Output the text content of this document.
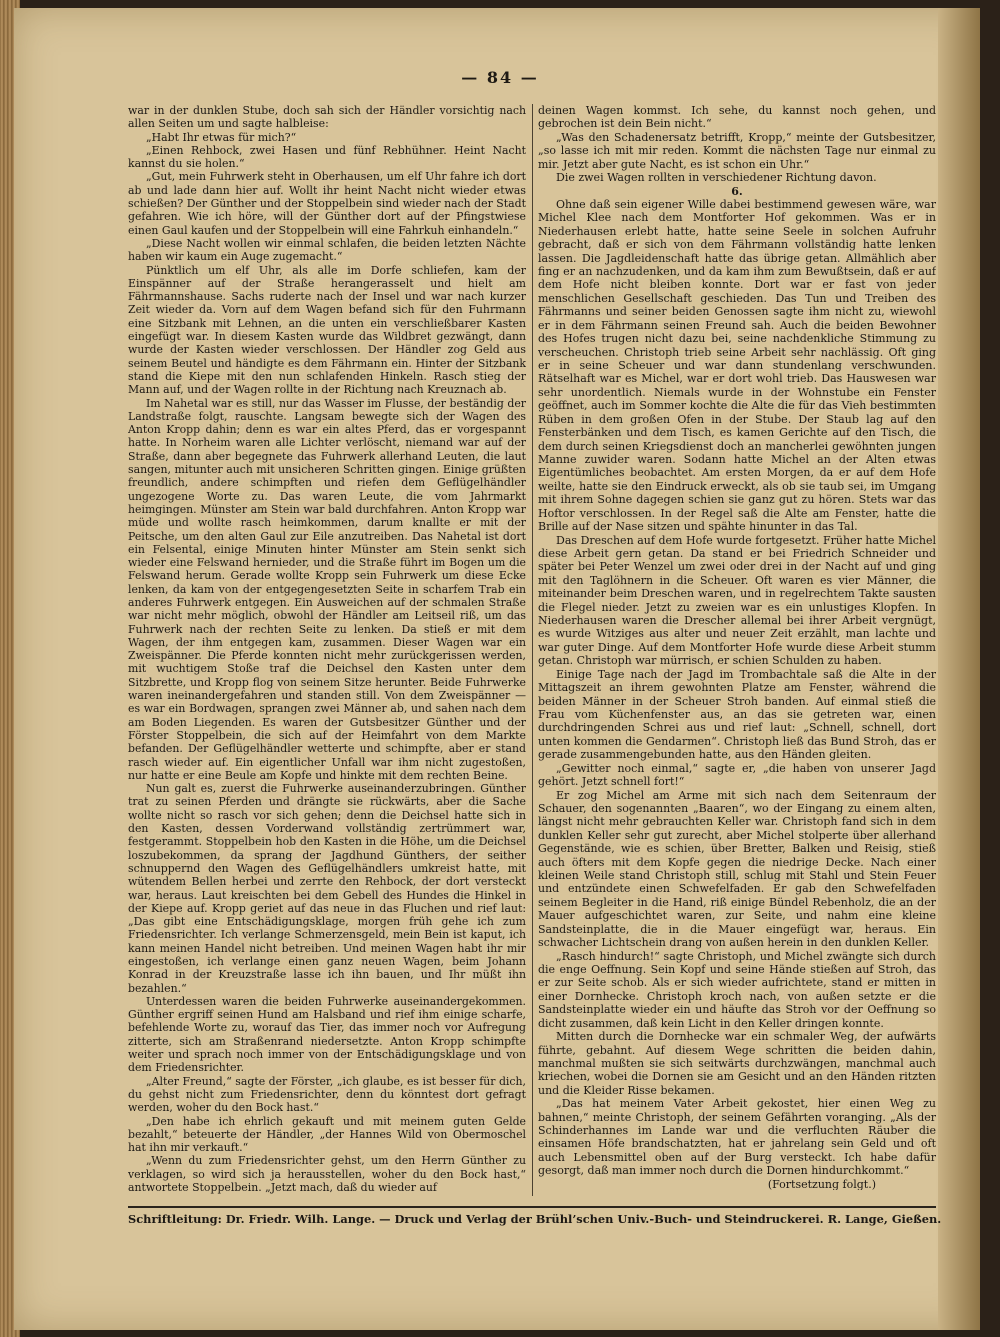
— 84 —

war in der dunklen Stube, doch sah sich der Händler vorsichtig nach allen Seiten um und sagte halbleise:

„Habt Ihr etwas für mich?“

„Einen Rehbock, zwei Hasen und fünf Rebhühner. Heint Nacht kannst du sie holen.“

„Gut, mein Fuhrwerk steht in Oberhausen, um elf Uhr fahre ich dort ab und lade dann hier auf. Wollt ihr heint Nacht nicht wieder etwas schießen? Der Günther und der Stoppelbein sind wieder nach der Stadt gefahren. Wie ich höre, will der Günther dort auf der Pfingstwiese einen Gaul kaufen und der Stoppelbein will eine Fahrkuh einhandeln.“

„Diese Nacht wollen wir einmal schlafen, die beiden letzten Nächte haben wir kaum ein Auge zugemacht.“

Pünktlich um elf Uhr, als alle im Dorfe schliefen, kam der Einspänner auf der Straße herangerasselt und hielt am Fährmannshause. Sachs ruderte nach der Insel und war nach kurzer Zeit wieder da. Vorn auf dem Wagen befand sich für den Fuhrmann eine Sitzbank mit Lehnen, an die unten ein verschließbarer Kasten eingefügt war. In diesem Kasten wurde das Wildbret gezwängt, dann wurde der Kasten wieder verschlossen. Der Händler zog Geld aus seinem Beutel und händigte es dem Fährmann ein. Hinter der Sitzbank stand die Kiepe mit den nun schlafenden Hinkeln. Rasch stieg der Mann auf, und der Wagen rollte in der Richtung nach Kreuznach ab.

Im Nahetal war es still, nur das Wasser im Flusse, der beständig der Landstraße folgt, rauschte. Langsam bewegte sich der Wagen des Anton Kropp dahin; denn es war ein altes Pferd, das er vorgespannt hatte. In Norheim waren alle Lichter verlöscht, niemand war auf der Straße, dann aber begegnete das Fuhrwerk allerhand Leuten, die laut sangen, mitunter auch mit unsicheren Schritten gingen. Einige grüßten freundlich, andere schimpften und riefen dem Geflügelhändler ungezogene Worte zu. Das waren Leute, die vom Jahrmarkt heimgingen. Münster am Stein war bald durchfahren. Anton Kropp war müde und wollte rasch heimkommen, darum knallte er mit der Peitsche, um den alten Gaul zur Eile anzutreiben. Das Nahetal ist dort ein Felsental, einige Minuten hinter Münster am Stein senkt sich wieder eine Felswand hernieder, und die Straße führt im Bogen um die Felswand herum. Gerade wollte Kropp sein Fuhrwerk um diese Ecke lenken, da kam von der entgegengesetzten Seite in scharfem Trab ein anderes Fuhrwerk entgegen. Ein Ausweichen auf der schmalen Straße war nicht mehr möglich, obwohl der Händler am Leitseil riß, um das Fuhrwerk nach der rechten Seite zu lenken. Da stieß er mit dem Wagen, der ihm entgegen kam, zusammen. Dieser Wagen war ein Zweispänner. Die Pferde konnten nicht mehr zurückgerissen werden, mit wuchtigem Stoße traf die Deichsel den Kasten unter dem Sitzbrette, und Kropp flog von seinem Sitze herunter. Beide Fuhrwerke waren ineinandergefahren und standen still. Von dem Zweispänner — es war ein Bordwagen, sprangen zwei Männer ab, und sahen nach dem am Boden Liegenden. Es waren der Gutsbesitzer Günther und der Förster Stoppelbein, die sich auf der Heimfahrt von dem Markte befanden. Der Geflügelhändler wetterte und schimpfte, aber er stand rasch wieder auf. Ein eigentlicher Unfall war ihm nicht zugestoßen, nur hatte er eine Beule am Kopfe und hinkte mit dem rechten Beine.

Nun galt es, zuerst die Fuhrwerke auseinanderzubringen. Günther trat zu seinen Pferden und drängte sie rückwärts, aber die Sache wollte nicht so rasch vor sich gehen; denn die Deichsel hatte sich in den Kasten, dessen Vorderwand vollständig zertrümmert war, festgerammt. Stoppelbein hob den Kasten in die Höhe, um die Deichsel loszubekommen, da sprang der Jagdhund Günthers, der seither schnuppernd den Wagen des Geflügelhändlers umkreist hatte, mit wütendem Bellen herbei und zerrte den Rehbock, der dort versteckt war, heraus. Laut kreischten bei dem Gebell des Hundes die Hinkel in der Kiepe auf. Kropp geriet auf das neue in das Fluchen und rief laut: „Das gibt eine Entschädigungsklage, morgen früh gehe ich zum Friedensrichter. Ich verlange Schmerzensgeld, mein Bein ist kaput, ich kann meinen Handel nicht betreiben. Und meinen Wagen habt ihr mir eingestoßen, ich verlange einen ganz neuen Wagen, beim Johann Konrad in der Kreuzstraße lasse ich ihn bauen, und Ihr müßt ihn bezahlen.“

Unterdessen waren die beiden Fuhrwerke auseinandergekommen. Günther ergriff seinen Hund am Halsband und rief ihm einige scharfe, befehlende Worte zu, worauf das Tier, das immer noch vor Aufregung zitterte, sich am Straßenrand niedersetzte. Anton Kropp schimpfte weiter und sprach noch immer von der Entschädigungsklage und von dem Friedensrichter.

„Alter Freund,“ sagte der Förster, „ich glaube, es ist besser für dich, du gehst nicht zum Friedensrichter, denn du könntest dort gefragt werden, woher du den Bock hast.“

„Den habe ich ehrlich gekauft und mit meinem guten Gelde bezahlt,“ beteuerte der Händler, „der Hannes Wild von Obermoschel hat ihn mir verkauft.“

„Wenn du zum Friedensrichter gehst, um den Herrn Günther zu verklagen, so wird sich ja herausstellen, woher du den Bock hast,“ antwortete Stoppelbein. „Jetzt mach, daß du wieder auf

deinen Wagen kommst. Ich sehe, du kannst noch gehen, und gebrochen ist dein Bein nicht.“

„Was den Schadenersatz betrifft, Kropp,“ meinte der Gutsbesitzer, „so lasse ich mit mir reden. Kommt die nächsten Tage nur einmal zu mir. Jetzt aber gute Nacht, es ist schon ein Uhr.“

Die zwei Wagen rollten in verschiedener Richtung davon.

6.

Ohne daß sein eigener Wille dabei bestimmend gewesen wäre, war Michel Klee nach dem Montforter Hof gekommen. Was er in Niederhausen erlebt hatte, hatte seine Seele in solchen Aufruhr gebracht, daß er sich von dem Fährmann vollständig hatte lenken lassen. Die Jagdleidenschaft hatte das übrige getan. Allmählich aber fing er an nachzudenken, und da kam ihm zum Bewußtsein, daß er auf dem Hofe nicht bleiben konnte. Dort war er fast von jeder menschlichen Gesellschaft geschieden. Das Tun und Treiben des Fährmanns und seiner beiden Genossen sagte ihm nicht zu, wiewohl er in dem Fährmann seinen Freund sah. Auch die beiden Bewohner des Hofes trugen nicht dazu bei, seine nachdenkliche Stimmung zu verscheuchen. Christoph trieb seine Arbeit sehr nachlässig. Oft ging er in seine Scheuer und war dann stundenlang verschwunden. Rätselhaft war es Michel, war er dort wohl trieb. Das Hauswesen war sehr unordentlich. Niemals wurde in der Wohnstube ein Fenster geöffnet, auch im Sommer kochte die Alte die für das Vieh bestimmten Rüben in dem großen Ofen in der Stube. Der Staub lag auf den Fensterbänken und dem Tisch, es kamen Gerichte auf den Tisch, die dem durch seinen Kriegsdienst doch an mancherlei gewöhnten jungen Manne zuwider waren. Sodann hatte Michel an der Alten etwas Eigentümliches beobachtet. Am ersten Morgen, da er auf dem Hofe weilte, hatte sie den Eindruck erweckt, als ob sie taub sei, im Umgang mit ihrem Sohne dagegen schien sie ganz gut zu hören. Stets war das Hoftor verschlossen. In der Regel saß die Alte am Fenster, hatte die Brille auf der Nase sitzen und spähte hinunter in das Tal.

Das Dreschen auf dem Hofe wurde fortgesetzt. Früher hatte Michel diese Arbeit gern getan. Da stand er bei Friedrich Schneider und später bei Peter Wenzel um zwei oder drei in der Nacht auf und ging mit den Taglöhnern in die Scheuer. Oft waren es vier Männer, die miteinander beim Dreschen waren, und in regelrechtem Takte sausten die Flegel nieder. Jetzt zu zweien war es ein unlustiges Klopfen. In Niederhausen waren die Drescher allemal bei ihrer Arbeit vergnügt, es wurde Witziges aus alter und neuer Zeit erzählt, man lachte und war guter Dinge. Auf dem Montforter Hofe wurde diese Arbeit stumm getan. Christoph war mürrisch, er schien Schulden zu haben.

Einige Tage nach der Jagd im Trombachtale saß die Alte in der Mittagszeit an ihrem gewohnten Platze am Fenster, während die beiden Männer in der Scheuer Stroh banden. Auf einmal stieß die Frau vom Küchenfenster aus, an das sie getreten war, einen durchdringenden Schrei aus und rief laut: „Schnell, schnell, dort unten kommen die Gendarmen“. Christoph ließ das Bund Stroh, das er gerade zusammengebunden hatte, aus den Händen gleiten.

„Gewitter noch einmal,“ sagte er, „die haben von unserer Jagd gehört. Jetzt schnell fort!“

Er zog Michel am Arme mit sich nach dem Seitenraum der Schauer, den sogenannten „Baaren“, wo der Eingang zu einem alten, längst nicht mehr gebrauchten Keller war. Christoph fand sich in dem dunklen Keller sehr gut zurecht, aber Michel stolperte über allerhand Gegenstände, wie es schien, über Bretter, Balken und Reisig, stieß auch öfters mit dem Kopfe gegen die niedrige Decke. Nach einer kleinen Weile stand Christoph still, schlug mit Stahl und Stein Feuer und entzündete einen Schwefelfaden. Er gab den Schwefelfaden seinem Begleiter in die Hand, riß einige Bündel Rebenholz, die an der Mauer aufgeschichtet waren, zur Seite, und nahm eine kleine Sandsteinplatte, die in die Mauer eingefügt war, heraus. Ein schwacher Lichtschein drang von außen herein in den dunklen Keller.

„Rasch hindurch!“ sagte Christoph, und Michel zwängte sich durch die enge Oeffnung. Sein Kopf und seine Hände stießen auf Stroh, das er zur Seite schob. Als er sich wieder aufrichtete, stand er mitten in einer Dornhecke. Christoph kroch nach, von außen setzte er die Sandsteinplatte wieder ein und häufte das Stroh vor der Oeffnung so dicht zusammen, daß kein Licht in den Keller dringen konnte.

Mitten durch die Dornhecke war ein schmaler Weg, der aufwärts führte, gebahnt. Auf diesem Wege schritten die beiden dahin, manchmal mußten sie sich seitwärts durchzwängen, manchmal auch kriechen, wobei die Dornen sie am Gesicht und an den Händen ritzten und die Kleider Risse bekamen.

„Das hat meinem Vater Arbeit gekostet, hier einen Weg zu bahnen,“ meinte Christoph, der seinem Gefährten voranging. „Als der Schinderhannes im Lande war und die verfluchten Räuber die einsamen Höfe brandschatzten, hat er jahrelang sein Geld und oft auch Lebensmittel oben auf der Burg versteckt. Ich habe dafür gesorgt, daß man immer noch durch die Dornen hindurchkommt.“

(Fortsetzung folgt.)

Schriftleitung: Dr. Friedr. Wilh. Lange. — Druck und Verlag der Brühl’schen Univ.-Buch- und Steindruckerei. R. Lange, Gießen.
